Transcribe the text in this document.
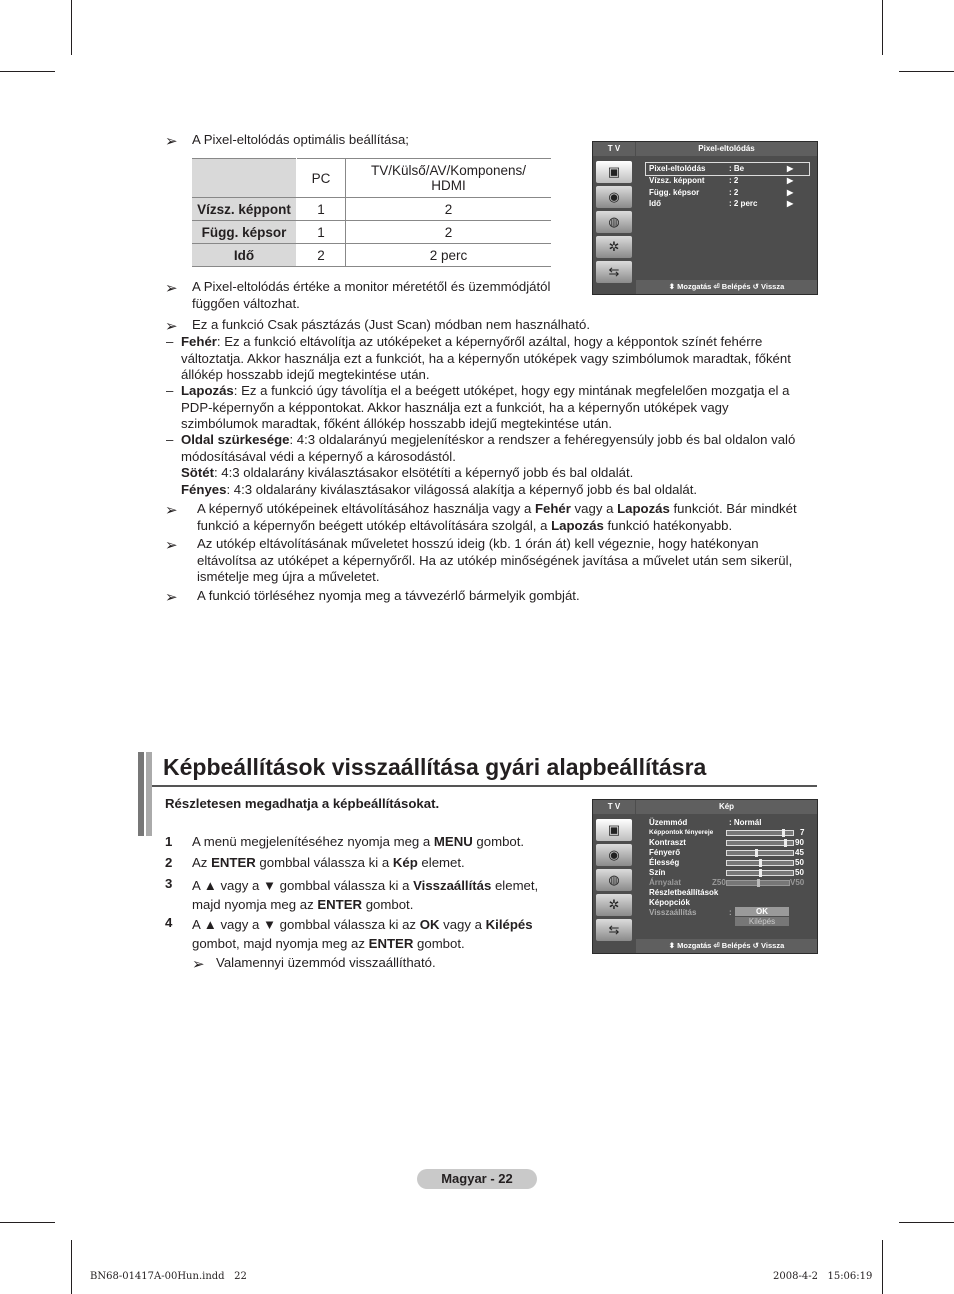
➢ A Pixel-eltolódás optimális beállítása;
	PC	TV/Külső/AV/Komponens/ HDMI
Vízsz. képpont	1	2
Függ. képsor	1	2
Idő	2	2 perc
➢ A Pixel-eltolódás értéke a monitor méretétől és üzemmódjától függően változhat.
➢ Ez a funkció Csak pásztázás (Just Scan) módban nem használható.
– Fehér: Ez a funkció eltávolítja az utóképeket a képernyőről azáltal, hogy a képpontok színét fehérre változtatja. Akkor használja ezt a funkciót, ha a képernyőn utóképek vagy szimbólumok maradtak, főként állókép hosszabb idejű megtekintése után.
– Lapozás: Ez a funkció úgy távolítja el a beégett utóképet, hogy egy mintának megfelelően mozgatja el a PDP-képernyőn a képpontokat. Akkor használja ezt a funkciót, ha a képernyőn utóképek vagy szimbólumok maradtak, főként állókép hosszabb idejű megtekintése után.
– Oldal szürkesége: 4:3 oldalarányú megjelenítéskor a rendszer a fehéregyensúly jobb és bal oldalon való módosításával védi a képernyő a károsodástól.
Sötét: 4:3 oldalarány kiválasztásakor elsötétíti a képernyő jobb és bal oldalát.
Fényes: 4:3 oldalarány kiválasztásakor világossá alakítja a képernyő jobb és bal oldalát.
➢ A képernyő utóképeinek eltávolításához használja vagy a Fehér vagy a Lapozás funkciót. Bár mindkét funkció a képernyőn beégett utókép eltávolítására szolgál, a Lapozás funkció hatékonyabb.
➢ Az utókép eltávolításának műveletet hosszú ideig (kb. 1 órán át) kell végeznie, hogy hatékonyan eltávolítsa az utóképet a képernyőről. Ha az utókép minőségének javítása a művelet után sem sikerül, ismételje meg újra a műveletet.
➢ A funkció törléséhez nyomja meg a távvezérlő bármelyik gombját.
T V	Pixel-eltolódás
▣
◉
◍
✲
⇆
Pixel-eltolódás	: Be	▶
Vízsz. képpont	: 2	▶
Függ. képsor	: 2	▶
Idő	: 2 perc	▶
⬍ Mozgatás ⏎ Belépés ↺ Vissza
Képbeállítások visszaállítása gyári alapbeállításra
Részletesen megadhatja a képbeállításokat.
1 A menü megjelenítéséhez nyomja meg a MENU gombot.
2 Az ENTER gombbal válassza ki a Kép elemet.
3 A ▲ vagy a ▼ gombbal válassza ki a Visszaállítás elemet, majd nyomja meg az ENTER gombot.
4 A ▲ vagy a ▼ gombbal válassza ki az OK vagy a Kilépés gombot, majd nyomja meg az ENTER gombot.
➢ Valamennyi üzemmód visszaállítható.
T V	Kép
▣
◉
◍
✲
⇆
Üzemmód	: Normál
Képpontok fényereje	7
Kontraszt	90
Fényerő	45
Élesség	50
Szín	50
Árnyalat	Z50	V50
Részletbeállítások
Képopciók
Visszaállítás	:	OK
Kilépés
⬍ Mozgatás ⏎ Belépés ↺ Vissza
Magyar - 22
BN68-01417A-00Hun.indd   22	2008-4-2   15:06:19
